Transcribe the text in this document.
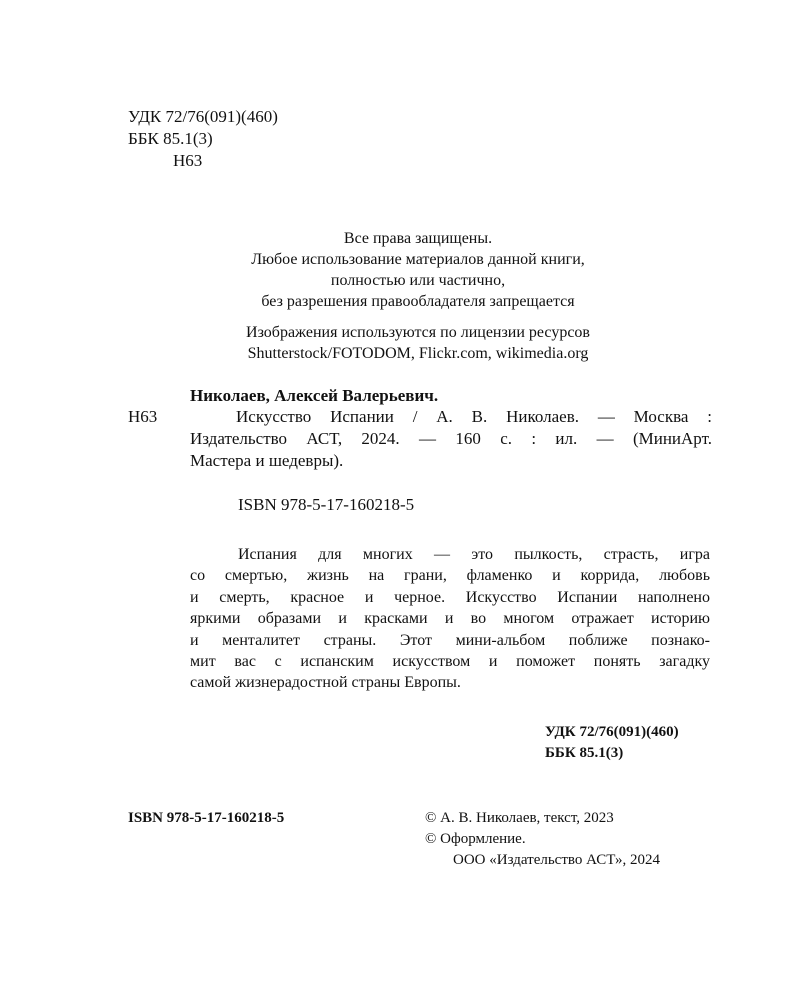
УДК 72/76(091)(460)
ББК 85.1(3)
Н63
Все права защищены.
Любое использование материалов данной книги,
полностью или частично,
без разрешения правообладателя запрещается
Изображения используются по лицензии ресурсов
Shutterstock/FOTODOM, Flickr.com, wikimedia.org
Николаев, Алексей Валерьевич.
Н63	Искусство Испании / А. В. Николаев. — Москва :
Издательство АСТ, 2024. — 160 с. : ил. — (МиниАрт.
Мастера и шедевры).
ISBN 978-5-17-160218-5
Испания для многих — это пылкость, страсть, игра
со смертью, жизнь на грани, фламенко и коррида, любовь
и смерть, красное и черное. Искусство Испании наполнено
яркими образами и красками и во многом отражает историю
и менталитет страны. Этот мини-альбом поближе познако-
мит вас с испанским искусством и поможет понять загадку
самой жизнерадостной страны Европы.
УДК 72/76(091)(460)
ББК 85.1(3)
ISBN 978-5-17-160218-5	© А. В. Николаев, текст, 2023
© Оформление.
ООО «Издательство АСТ», 2024
